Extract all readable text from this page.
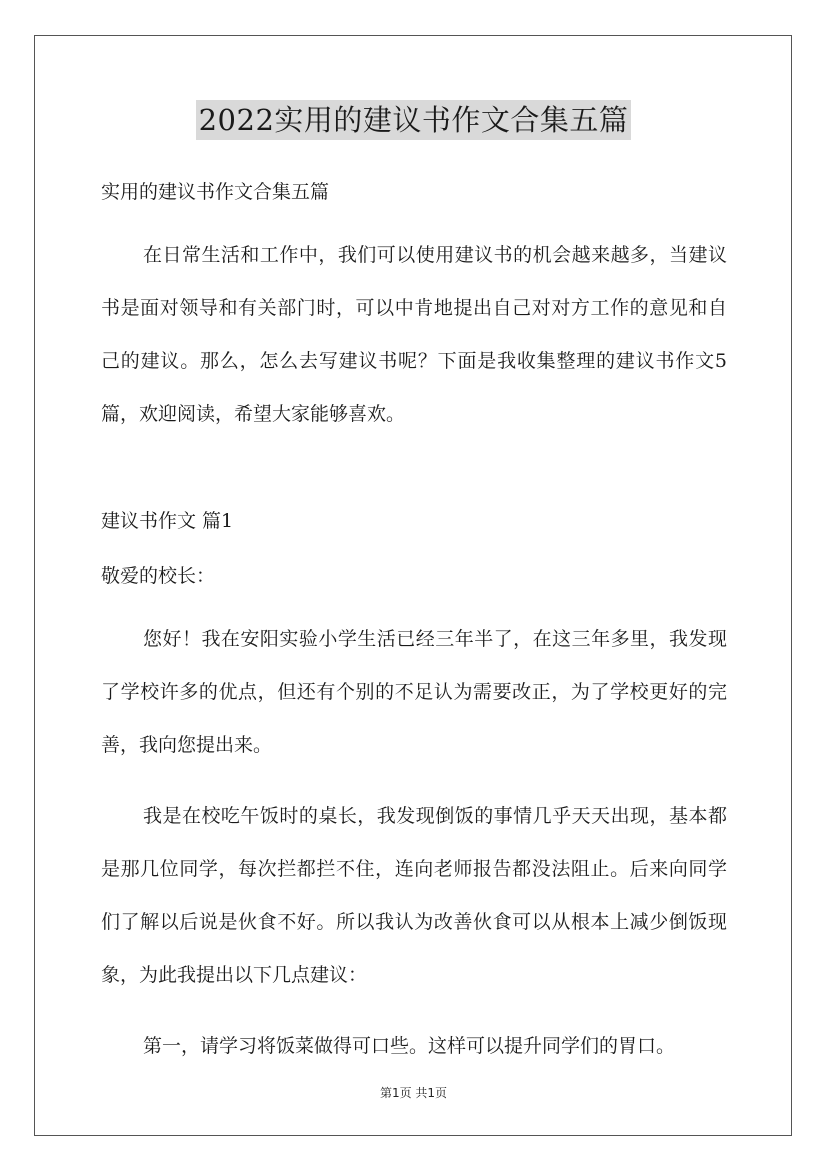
2022实用的建议书作文合集五篇
实用的建议书作文合集五篇
在日常生活和工作中，我们可以使用建议书的机会越来越多，当建议书是面对领导和有关部门时，可以中肯地提出自己对对方工作的意见和自己的建议。那么，怎么去写建议书呢？下面是我收集整理的建议书作文5篇，欢迎阅读，希望大家能够喜欢。
建议书作文 篇1
敬爱的校长：
您好！我在安阳实验小学生活已经三年半了，在这三年多里，我发现了学校许多的优点，但还有个别的不足认为需要改正，为了学校更好的完善，我向您提出来。
我是在校吃午饭时的桌长，我发现倒饭的事情几乎天天出现，基本都是那几位同学，每次拦都拦不住，连向老师报告都没法阻止。后来向同学们了解以后说是伙食不好。所以我认为改善伙食可以从根本上减少倒饭现象，为此我提出以下几点建议：
第一，请学习将饭菜做得可口些。这样可以提升同学们的胃口。
第1页 共1页
